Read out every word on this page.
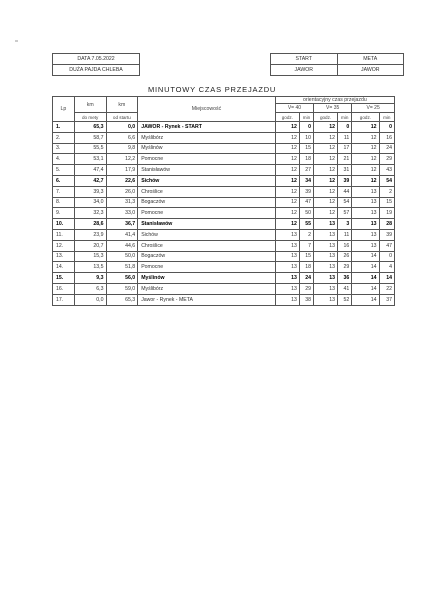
DATA 7.05.2022
DUŻA PAJDA CHLEBA
START	META
JAWOR	JAWOR
MINUTOWY CZAS PRZEJAZDU
Lp	km	km	Miejscowość	orientacyjny czas przejazdu					
				V= 40		V= 35		V= 25	
	do mety	od startu		godz.	min	godz.	min	godz.	min
1.	65,3	0,0	JAWOR - Rynek - START	12	0	12	0	12	0
2.	58,7	6,6	Myślibórz	12	10	12	11	12	16
3.	55,5	9,8	Myślinów	12	15	12	17	12	24
4.	53,1	12,2	Pomocne	12	18	12	21	12	29
5.	47,4	17,9	Stanisławów	12	27	12	31	12	43
6.	42,7	22,6	Sichów	12	34	12	39	12	54
7.	39,3	26,0	Chroślice	12	39	12	44	13	2
8.	34,0	31,3	Bogaczów	12	47	12	54	13	15
9.	32,3	33,0	Pomocne	12	50	12	57	13	19
10.	28,6	36,7	Stanisławów	12	55	13	3	13	28
11.	23,9	41,4	Sichów	13	2	13	11	13	39
12.	20,7	44,6	Chroślice	13	7	13	16	13	47
13.	15,3	50,0	Bogaczów	13	15	13	26	14	0
14.	13,5	51,8	Pomocne	13	18	13	29	14	4
15.	9,3	56,0	Myślinów	13	24	13	36	14	14
16.	6,3	59,0	Myślibórz	13	29	13	41	14	22
17.	0,0	65,3	Jawor - Rynek - META	13	38	13	52	14	37
